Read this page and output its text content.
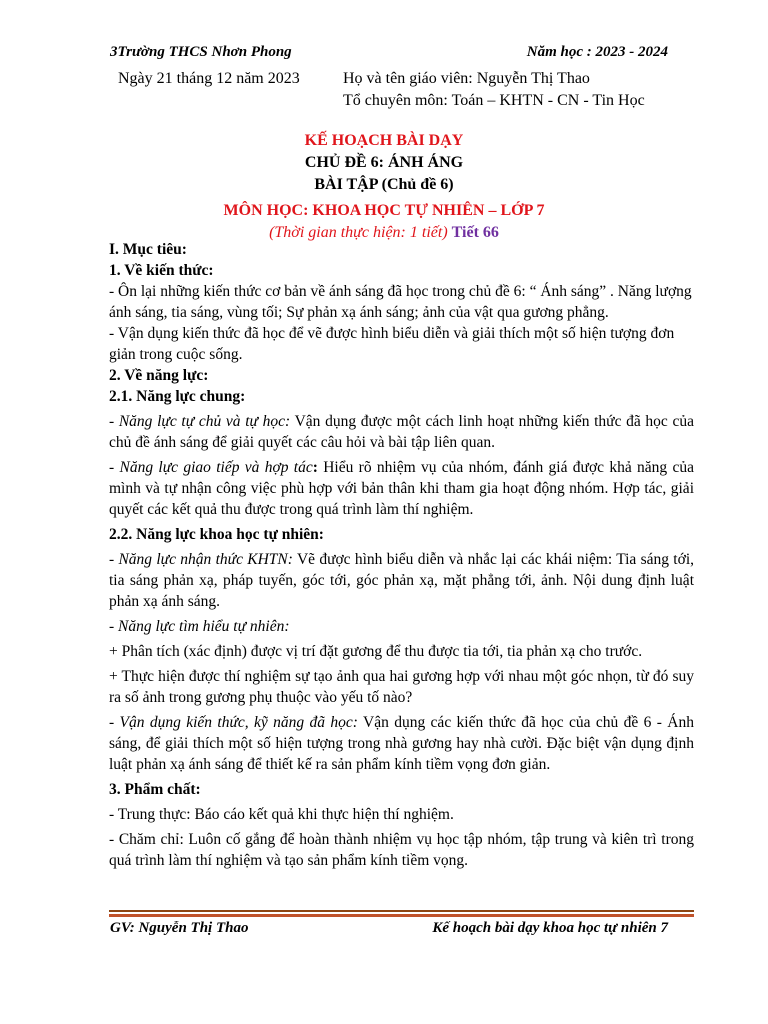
3Trường THCS Nhơn Phong	Năm học : 2023 - 2024
Ngày 21 tháng 12 năm 2023	Họ và tên giáo viên: Nguyễn Thị Thao
Tổ chuyên môn: Toán – KHTN - CN - Tin Học
KẾ HOẠCH BÀI DẠY
CHỦ ĐỀ 6: ÁNH ÁNG
BÀI TẬP (Chủ đề 6)
MÔN HỌC: KHOA HỌC TỰ NHIÊN – LỚP 7
(Thời gian thực hiện: 1 tiết) Tiết 66

I. Mục tiêu:

1. Về kiến thức:

- Ôn lại những kiến thức cơ bản về ánh sáng đã học trong chủ đề 6: “ Ánh sáng” . Năng lượng ánh sáng, tia sáng, vùng tối; Sự phản xạ ánh sáng; ảnh của vật qua gương phẳng.

- Vận dụng kiến thức đã học để vẽ được hình biểu diễn và giải thích một số hiện tượng đơn giản trong cuộc sống.

2. Về năng lực:

2.1. Năng lực chung:

- Năng lực tự chủ và tự học: Vận dụng được một cách linh hoạt những kiến thức đã học của chủ đề ánh sáng để giải quyết các câu hỏi và bài tập liên quan.

- Năng lực giao tiếp và hợp tác: Hiểu rõ nhiệm vụ của nhóm, đánh giá được khả năng của mình và tự nhận công việc phù hợp với bản thân khi tham gia hoạt động nhóm. Hợp tác, giải quyết các kết quả thu được trong quá trình làm thí nghiệm.

2.2. Năng lực khoa học tự nhiên:

- Năng lực nhận thức KHTN: Vẽ được hình biểu diễn và nhắc lại các khái niệm: Tia sáng tới, tia sáng phản xạ, pháp tuyến, góc tới, góc phản xạ, mặt phẳng tới, ảnh. Nội dung định luật phản xạ ánh sáng.

- Năng lực tìm hiểu tự nhiên:

+ Phân tích (xác định) được vị trí đặt gương để thu được tia tới, tia phản xạ cho trước.

+ Thực hiện được thí nghiệm sự tạo ảnh qua hai gương hợp với nhau một góc nhọn, từ đó suy ra số ảnh trong gương phụ thuộc vào yếu tố nào?

- Vận dụng kiến thức, kỹ năng đã học: Vận dụng các kiến thức đã học của chủ đề 6 - Ánh sáng, để giải thích một số hiện tượng trong nhà gương hay nhà cười. Đặc biệt vận dụng định luật phản xạ ánh sáng để thiết kế ra sản phẩm kính tiềm vọng đơn giản.

3. Phẩm chất:

- Trung thực: Báo cáo kết quả khi thực hiện thí nghiệm.

- Chăm chỉ: Luôn cố gắng để hoàn thành nhiệm vụ học tập nhóm, tập trung và kiên trì trong quá trình làm thí nghiệm và tạo sản phẩm kính tiềm vọng.

GV: Nguyễn Thị Thao	Kế hoạch bài dạy khoa học tự nhiên 7
